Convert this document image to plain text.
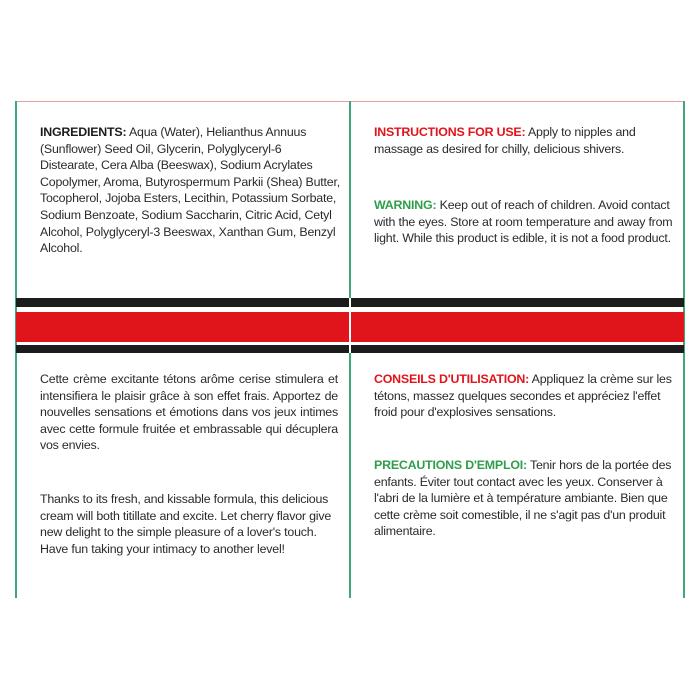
INGREDIENTS: Aqua (Water), Helianthus Annuus (Sunflower) Seed Oil, Glycerin, Polyglyceryl-6 Distearate, Cera Alba (Beeswax), Sodium Acrylates Copolymer, Aroma, Butyrospermum Parkii (Shea) Butter, Tocopherol, Jojoba Esters, Lecithin, Potassium Sorbate, Sodium Benzoate, Sodium Saccharin, Citric Acid, Cetyl Alcohol, Polyglyceryl-3 Beeswax, Xanthan Gum, Benzyl Alcohol.
INSTRUCTIONS FOR USE: Apply to nipples and massage as desired for chilly, delicious shivers.
WARNING: Keep out of reach of children. Avoid contact with the eyes. Store at room temperature and away from light. While this product is edible, it is not a food product.
Cette crème excitante tétons arôme cerise stimulera et intensifiera le plaisir grâce à son effet frais. Apportez de nouvelles sensations et émotions dans vos jeux intimes avec cette formule fruitée et embrassable qui décuplera vos envies.
Thanks to its fresh, and kissable formula, this delicious cream will both titillate and excite. Let cherry flavor give new delight to the simple pleasure of a lover's touch. Have fun taking your intimacy to another level!
CONSEILS D'UTILISATION: Appliquez la crème sur les tétons, massez quelques secondes et appréciez l'effet froid pour d'explosives sensations.
PRECAUTIONS D'EMPLOI: Tenir hors de la portée des enfants. Éviter tout contact avec les yeux. Conserver à l'abri de la lumière et à température ambiante. Bien que cette crème soit comestible, il ne s'agit pas d'un produit alimentaire.
